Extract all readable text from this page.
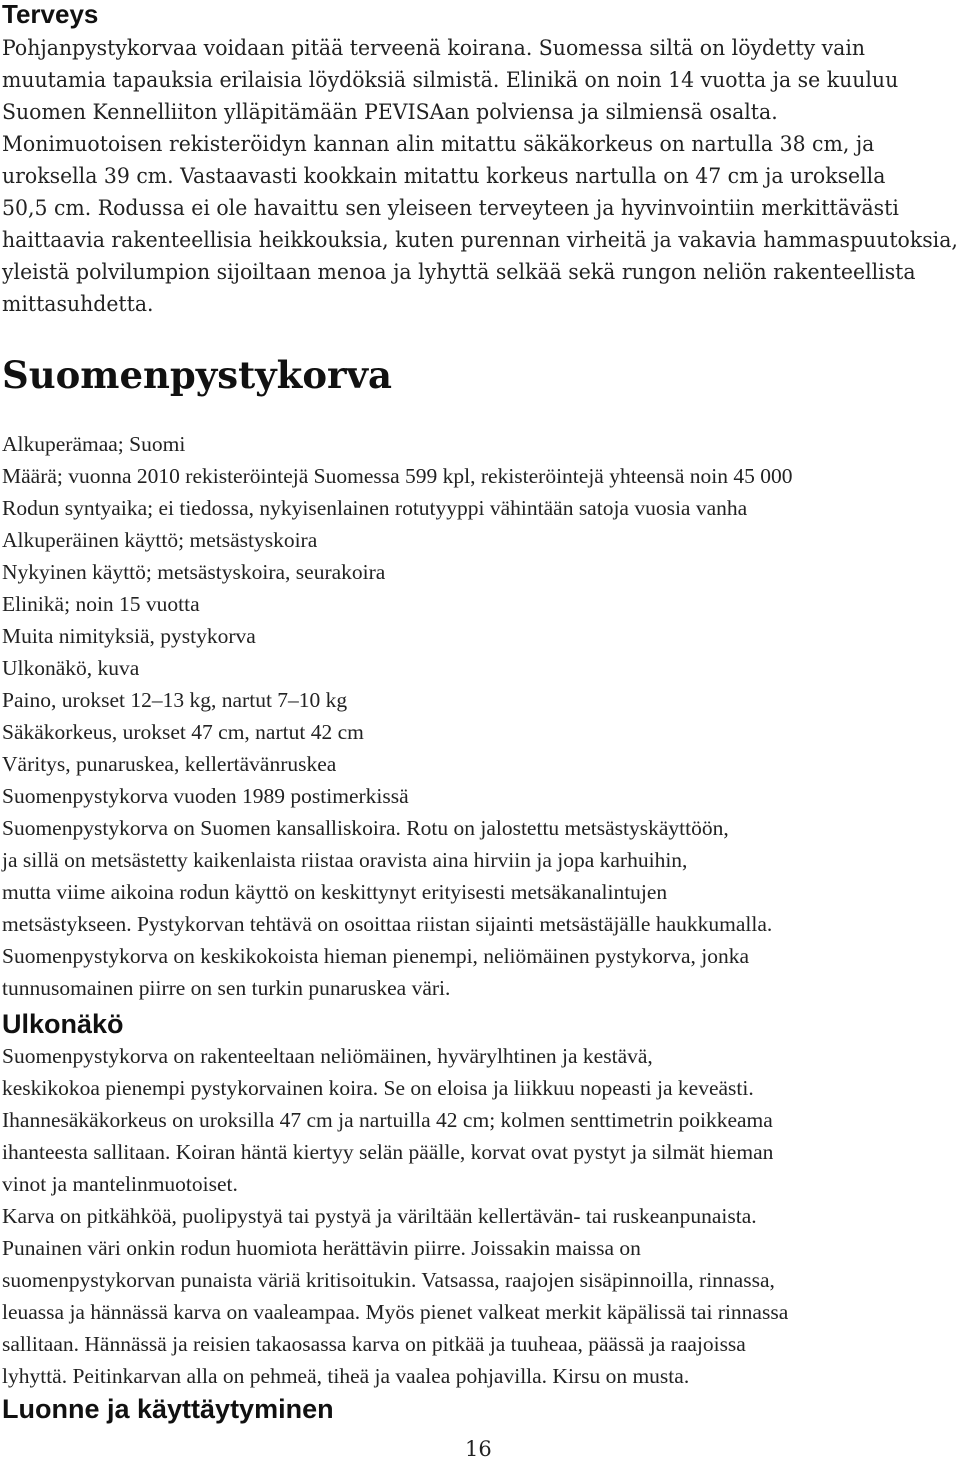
Terveys
Pohjanpystykorvaa voidaan pitää terveenä koirana. Suomessa siltä on löydetty vain
muutamia tapauksia erilaisia löydöksiä silmistä. Elinikä on noin 14 vuotta ja se kuuluu
Suomen Kennelliiton ylläpitämään PEVISAan polviensa ja silmiensä osalta.
Monimuotoisen rekisteröidyn kannan alin mitattu säkäkorkeus on nartulla 38 cm, ja
uroksella 39 cm. Vastaavasti kookkain mitattu korkeus nartulla on 47 cm ja uroksella
50,5 cm. Rodussa ei ole havaittu sen yleiseen terveyteen ja hyvinvointiin merkittävästi
haittaavia rakenteellisia heikkouksia, kuten purennan virheitä ja vakavia hammaspuutoksia,
yleistä polvilumpion sijoiltaan menoa ja lyhyttä selkää sekä rungon neliön rakenteellista
mittasuhdetta.
Suomenpystykorva
Alkuperämaa; Suomi
Määrä; vuonna 2010 rekisteröintejä Suomessa 599 kpl, rekisteröintejä yhteensä noin 45 000
Rodun syntyaika; ei tiedossa, nykyisenlainen rotutyyppi vähintään satoja vuosia vanha
Alkuperäinen käyttö; metsästyskoira
Nykyinen käyttö; metsästyskoira, seurakoira
Elinikä; noin 15 vuotta
Muita nimityksiä, pystykorva
Ulkonäkö, kuva
Paino, urokset 12–13 kg, nartut 7–10 kg
Säkäkorkeus, urokset 47 cm, nartut 42 cm
Väritys, punaruskea, kellertävänruskea
Suomenpystykorva vuoden 1989 postimerkissä
Suomenpystykorva on Suomen kansalliskoira. Rotu on jalostettu metsästyskäyttöön,
ja sillä on metsästetty kaikenlaista riistaa oravista aina hirviin ja jopa karhuihin,
mutta viime aikoina rodun käyttö on keskittynyt erityisesti metsäkanalintujen
metsästykseen. Pystykorvan tehtävä on osoittaa riistan sijainti metsästäjälle haukkumalla.
Suomenpystykorva on keskikokoista hieman pienempi, neliömäinen pystykorva, jonka
tunnusomainen piirre on sen turkin punaruskea väri.
Ulkonäkö
Suomenpystykorva on rakenteeltaan neliömäinen, hyvärylhtinen ja kestävä,
keskikokoa pienempi pystykorvainen koira. Se on eloisa ja liikkuu nopeasti ja keveästi.
Ihannesäkäkorkeus on uroksilla 47 cm ja nartuilla 42 cm; kolmen senttimetrin poikkeama
ihanteesta sallitaan. Koiran häntä kiertyy selän päälle, korvat ovat pystyt ja silmät hieman
vinot ja mantelinmuotoiset.
Karva on pitkähköä, puolipystyä tai pystyä ja väriltään kellertävän- tai ruskeanpunaista.
Punainen väri onkin rodun huomiota herättävin piirre. Joissakin maissa on
suomenpystykorvan punaista väriä kritisoitukin. Vatsassa, raajojen sisäpinnoilla, rinnassa,
leuassa ja hännässä karva on vaaleampaa. Myös pienet valkeat merkit käpälissä tai rinnassa
sallitaan. Hännässä ja reisien takaosassa karva on pitkää ja tuuheaa, päässä ja raajoissa
lyhyttä. Peitinkarvan alla on pehmeä, tiheä ja vaalea pohjavilla. Kirsu on musta.
Luonne ja käyttäytyminen
16
